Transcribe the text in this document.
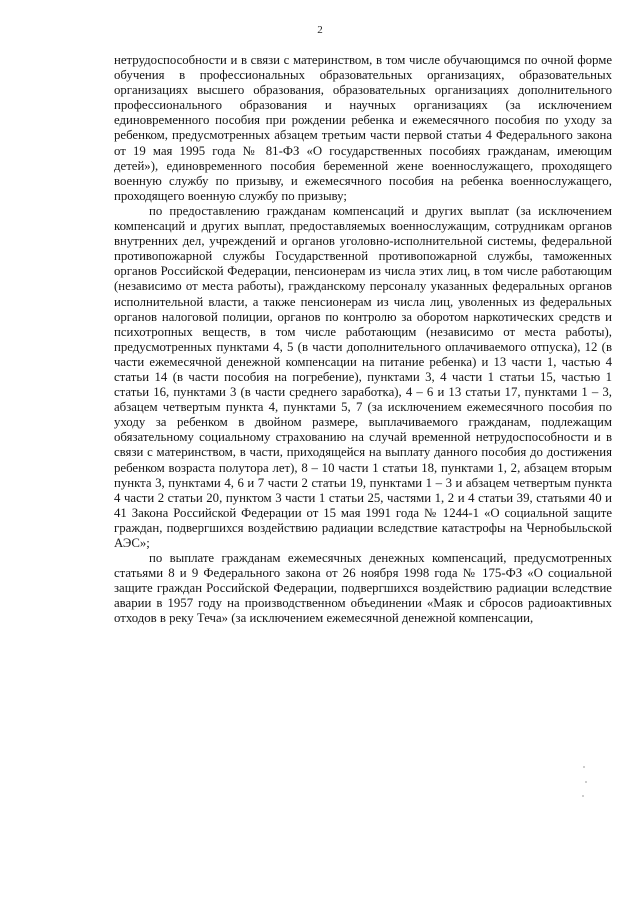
2

нетрудоспособности и в связи с материнством, в том числе обучающимся по очной форме обучения в профессиональных образовательных организациях, образовательных организациях высшего образования, образовательных организациях дополнительного профессионального образования и научных организациях (за исключением единовременного пособия при рождении ребенка и ежемесячного пособия по уходу за ребенком, предусмотренных абзацем третьим части первой статьи 4 Федерального закона от 19 мая 1995 года № 81-ФЗ «О государственных пособиях гражданам, имеющим детей»), единовременного пособия беременной жене военнослужащего, проходящего военную службу по призыву, и ежемесячного пособия на ребенка военнослужащего, проходящего военную службу по призыву;

по предоставлению гражданам компенсаций и других выплат (за исключением компенсаций и других выплат, предоставляемых военнослужащим, сотрудникам органов внутренних дел, учреждений и органов уголовно-исполнительной системы, федеральной противопожарной службы Государственной противопожарной службы, таможенных органов Российской Федерации, пенсионерам из числа этих лиц, в том числе работающим (независимо от места работы), гражданскому персоналу указанных федеральных органов исполнительной власти, а также пенсионерам из числа лиц, уволенных из федеральных органов налоговой полиции, органов по контролю за оборотом наркотических средств и психотропных веществ, в том числе работающим (независимо от места работы), предусмотренных пунктами 4, 5 (в части дополнительного оплачиваемого отпуска), 12 (в части ежемесячной денежной компенсации на питание ребенка) и 13 части 1, частью 4 статьи 14 (в части пособия на погребение), пунктами 3, 4 части 1 статьи 15, частью 1 статьи 16, пунктами 3 (в части среднего заработка), 4 – 6 и 13 статьи 17, пунктами 1 – 3, абзацем четвертым пункта 4, пунктами 5, 7 (за исключением ежемесячного пособия по уходу за ребенком в двойном размере, выплачиваемого гражданам, подлежащим обязательному социальному страхованию на случай временной нетрудоспособности и в связи с материнством, в части, приходящейся на выплату данного пособия до достижения ребенком возраста полутора лет), 8 – 10 части 1 статьи 18, пунктами 1, 2, абзацем вторым пункта 3, пунктами 4, 6 и 7 части 2 статьи 19, пунктами 1 – 3 и абзацем четвертым пункта 4 части 2 статьи 20, пунктом 3 части 1 статьи 25, частями 1, 2 и 4 статьи 39, статьями 40 и 41 Закона Российской Федерации от 15 мая 1991 года № 1244-1 «О социальной защите граждан, подвергшихся воздействию радиации вследствие катастрофы на Чернобыльской АЭС»;

по выплате гражданам ежемесячных денежных компенсаций, предусмотренных статьями 8 и 9 Федерального закона от 26 ноября 1998 года № 175-ФЗ «О социальной защите граждан Российской Федерации, подвергшихся воздействию радиации вследствие аварии в 1957 году на производственном объединении «Маяк и сбросов радиоактивных отходов в реку Теча» (за исключением ежемесячной денежной компенсации,
